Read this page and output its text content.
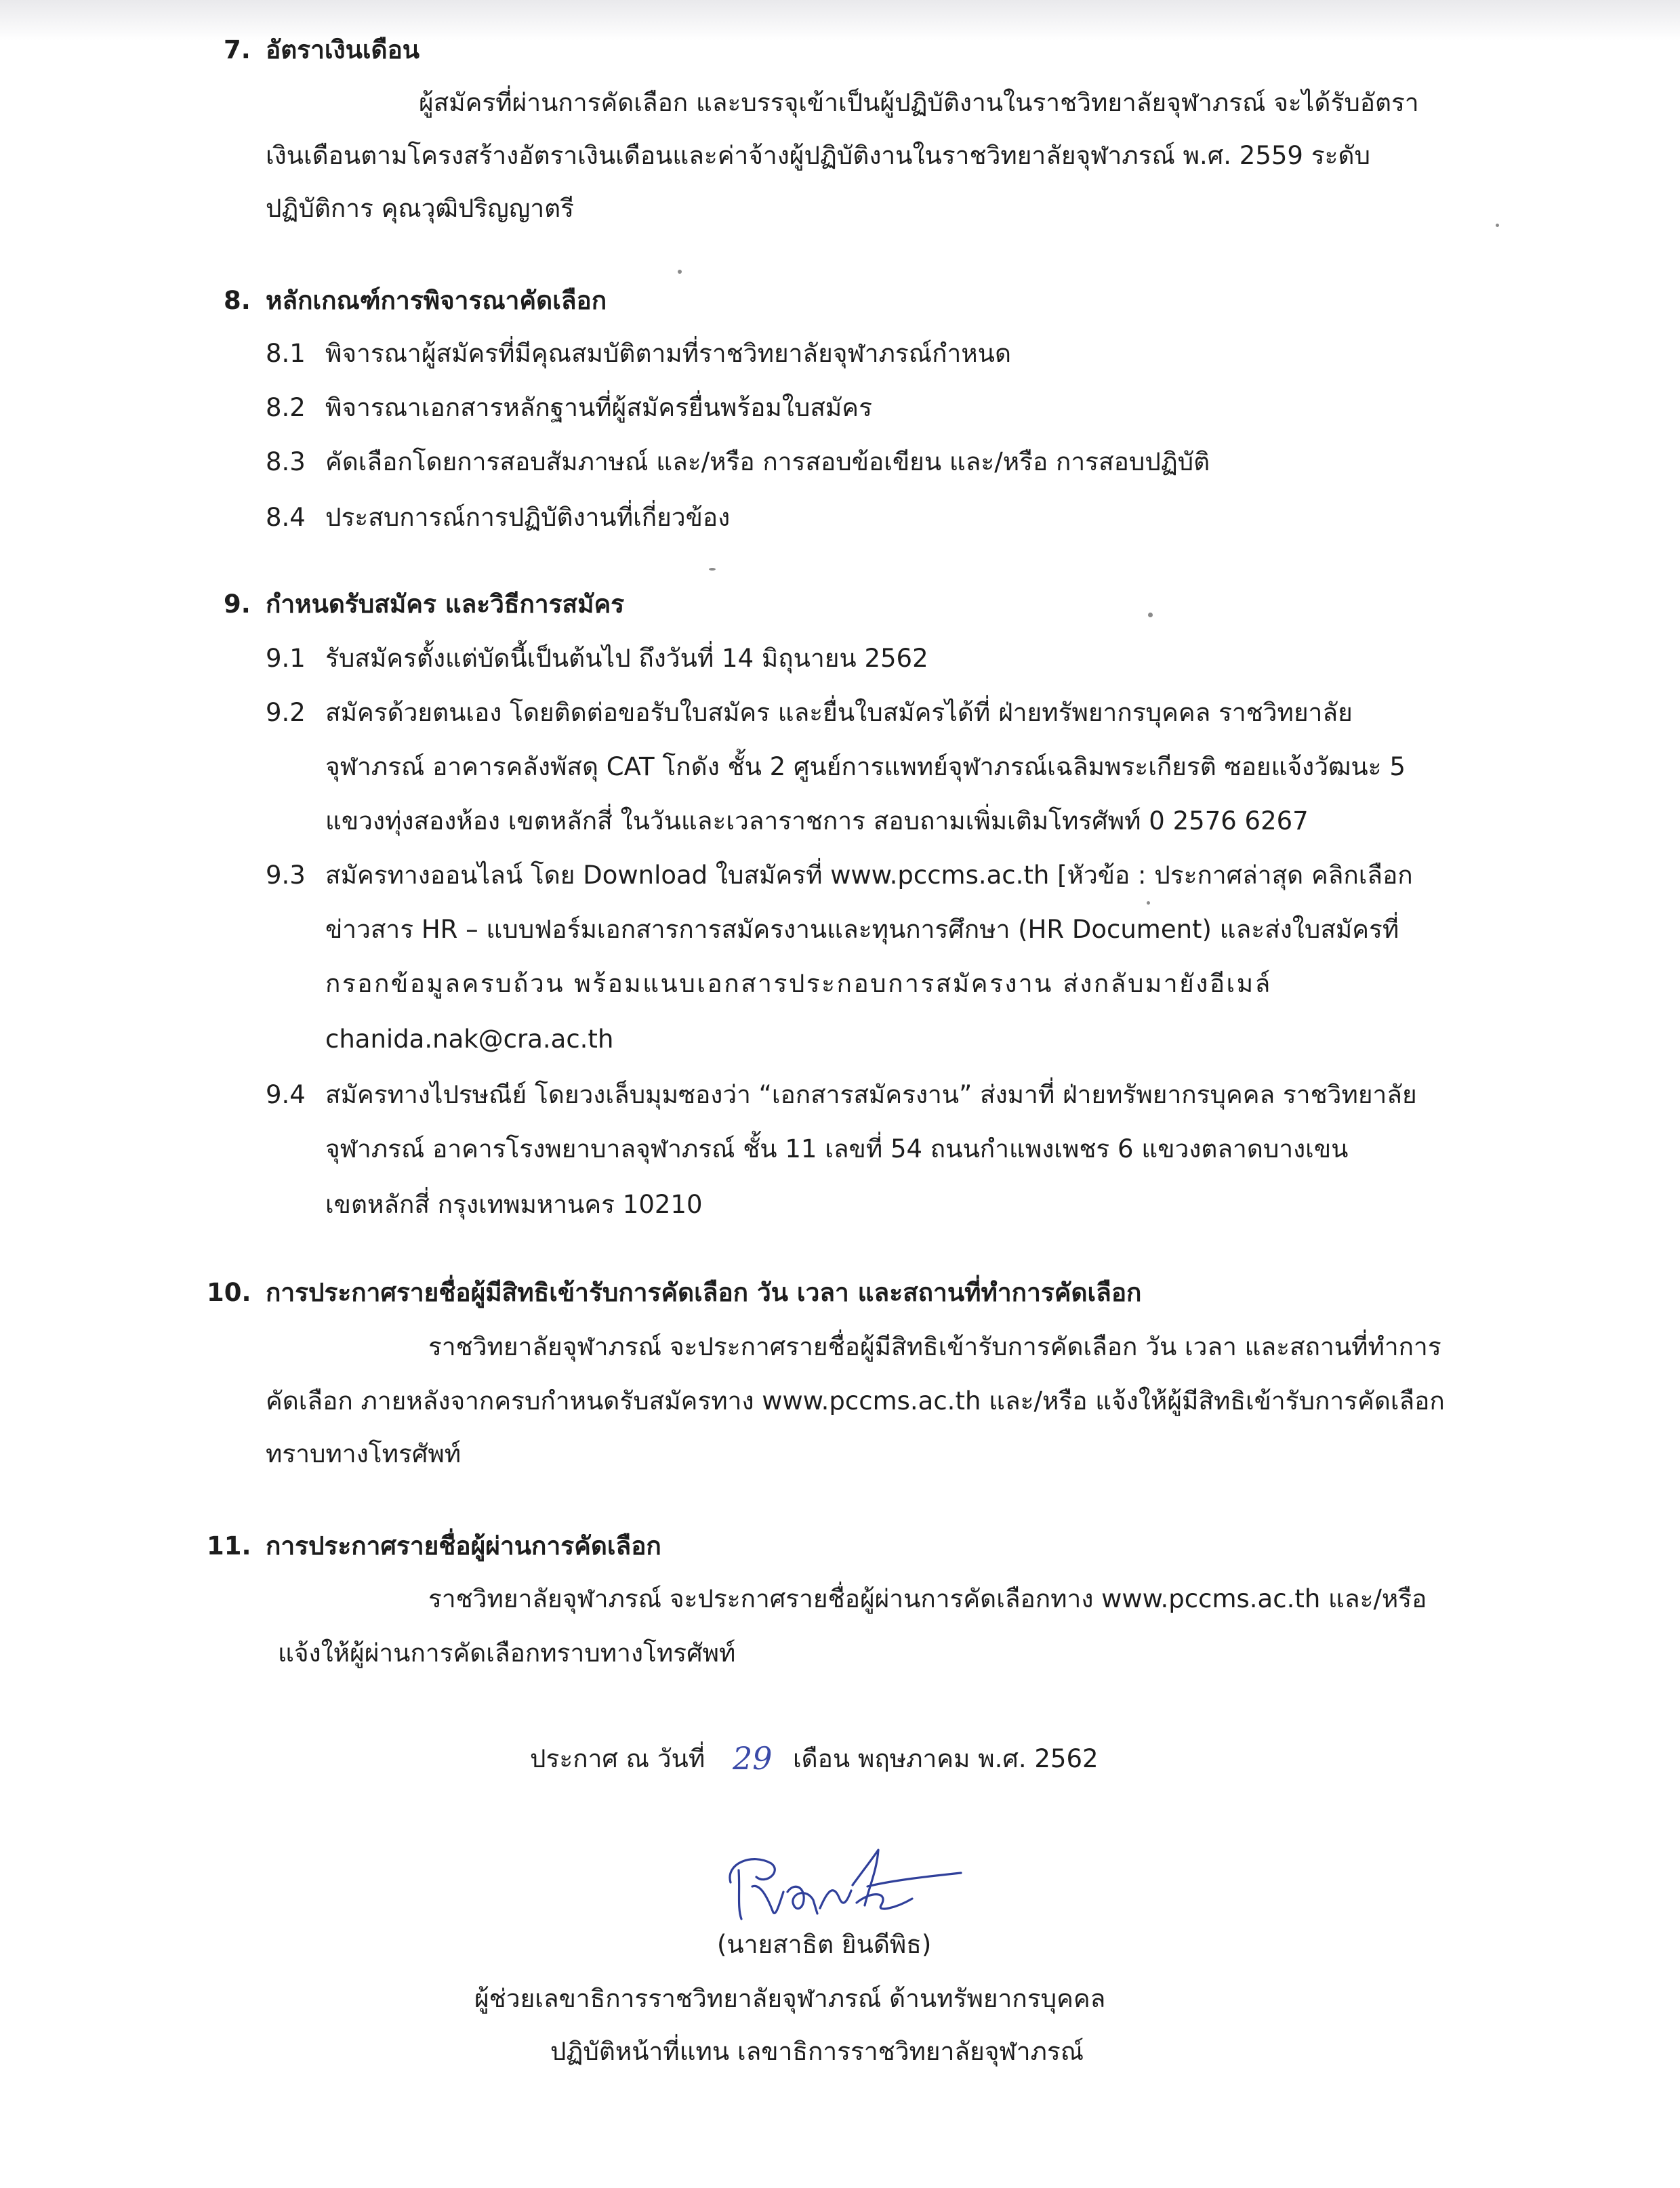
7. อัตราเงินเดือน
ผู้สมัครที่ผ่านการคัดเลือก และบรรจุเข้าเป็นผู้ปฏิบัติงานในราชวิทยาลัยจุฬาภรณ์ จะได้รับอัตรา
เงินเดือนตามโครงสร้างอัตราเงินเดือนและค่าจ้างผู้ปฏิบัติงานในราชวิทยาลัยจุฬาภรณ์ พ.ศ. 2559 ระดับ
ปฏิบัติการ คุณวุฒิปริญญาตรี
8. หลักเกณฑ์การพิจารณาคัดเลือก
8.1 พิจารณาผู้สมัครที่มีคุณสมบัติตามที่ราชวิทยาลัยจุฬาภรณ์กำหนด
8.2 พิจารณาเอกสารหลักฐานที่ผู้สมัครยื่นพร้อมใบสมัคร
8.3 คัดเลือกโดยการสอบสัมภาษณ์ และ/หรือ การสอบข้อเขียน และ/หรือ การสอบปฏิบัติ
8.4 ประสบการณ์การปฏิบัติงานที่เกี่ยวข้อง
9. กำหนดรับสมัคร และวิธีการสมัคร
9.1 รับสมัครตั้งแต่บัดนี้เป็นต้นไป ถึงวันที่ 14 มิถุนายน 2562
9.2 สมัครด้วยตนเอง โดยติดต่อขอรับใบสมัคร และยื่นใบสมัครได้ที่ ฝ่ายทรัพยากรบุคคล ราชวิทยาลัย
จุฬาภรณ์ อาคารคลังพัสดุ CAT โกดัง ชั้น 2 ศูนย์การแพทย์จุฬาภรณ์เฉลิมพระเกียรติ ซอยแจ้งวัฒนะ 5
แขวงทุ่งสองห้อง เขตหลักสี่ ในวันและเวลาราชการ สอบถามเพิ่มเติมโทรศัพท์ 0 2576 6267
9.3 สมัครทางออนไลน์ โดย Download ใบสมัครที่ www.pccms.ac.th [หัวข้อ : ประกาศล่าสุด คลิกเลือก
ข่าวสาร HR – แบบฟอร์มเอกสารการสมัครงานและทุนการศึกษา (HR Document) และส่งใบสมัครที่
กรอกข้อมูลครบถ้วน พร้อมแนบเอกสารประกอบการสมัครงาน ส่งกลับมายังอีเมล์
chanida.nak@cra.ac.th
9.4 สมัครทางไปรษณีย์ โดยวงเล็บมุมซองว่า “เอกสารสมัครงาน” ส่งมาที่ ฝ่ายทรัพยากรบุคคล ราชวิทยาลัย
จุฬาภรณ์ อาคารโรงพยาบาลจุฬาภรณ์ ชั้น 11 เลขที่ 54 ถนนกำแพงเพชร 6 แขวงตลาดบางเขน
เขตหลักสี่ กรุงเทพมหานคร 10210
10. การประกาศรายชื่อผู้มีสิทธิเข้ารับการคัดเลือก วัน เวลา และสถานที่ทำการคัดเลือก
ราชวิทยาลัยจุฬาภรณ์ จะประกาศรายชื่อผู้มีสิทธิเข้ารับการคัดเลือก วัน เวลา และสถานที่ทำการ
คัดเลือก ภายหลังจากครบกำหนดรับสมัครทาง www.pccms.ac.th และ/หรือ แจ้งให้ผู้มีสิทธิเข้ารับการคัดเลือก
ทราบทางโทรศัพท์
11. การประกาศรายชื่อผู้ผ่านการคัดเลือก
ราชวิทยาลัยจุฬาภรณ์ จะประกาศรายชื่อผู้ผ่านการคัดเลือกทาง www.pccms.ac.th และ/หรือ
แจ้งให้ผู้ผ่านการคัดเลือกทราบทางโทรศัพท์
ประกาศ ณ วันที่ 29 เดือน พฤษภาคม พ.ศ. 2562
(นายสาธิต ยินดีพิธ)
ผู้ช่วยเลขาธิการราชวิทยาลัยจุฬาภรณ์ ด้านทรัพยากรบุคคล
ปฏิบัติหน้าที่แทน เลขาธิการราชวิทยาลัยจุฬาภรณ์
